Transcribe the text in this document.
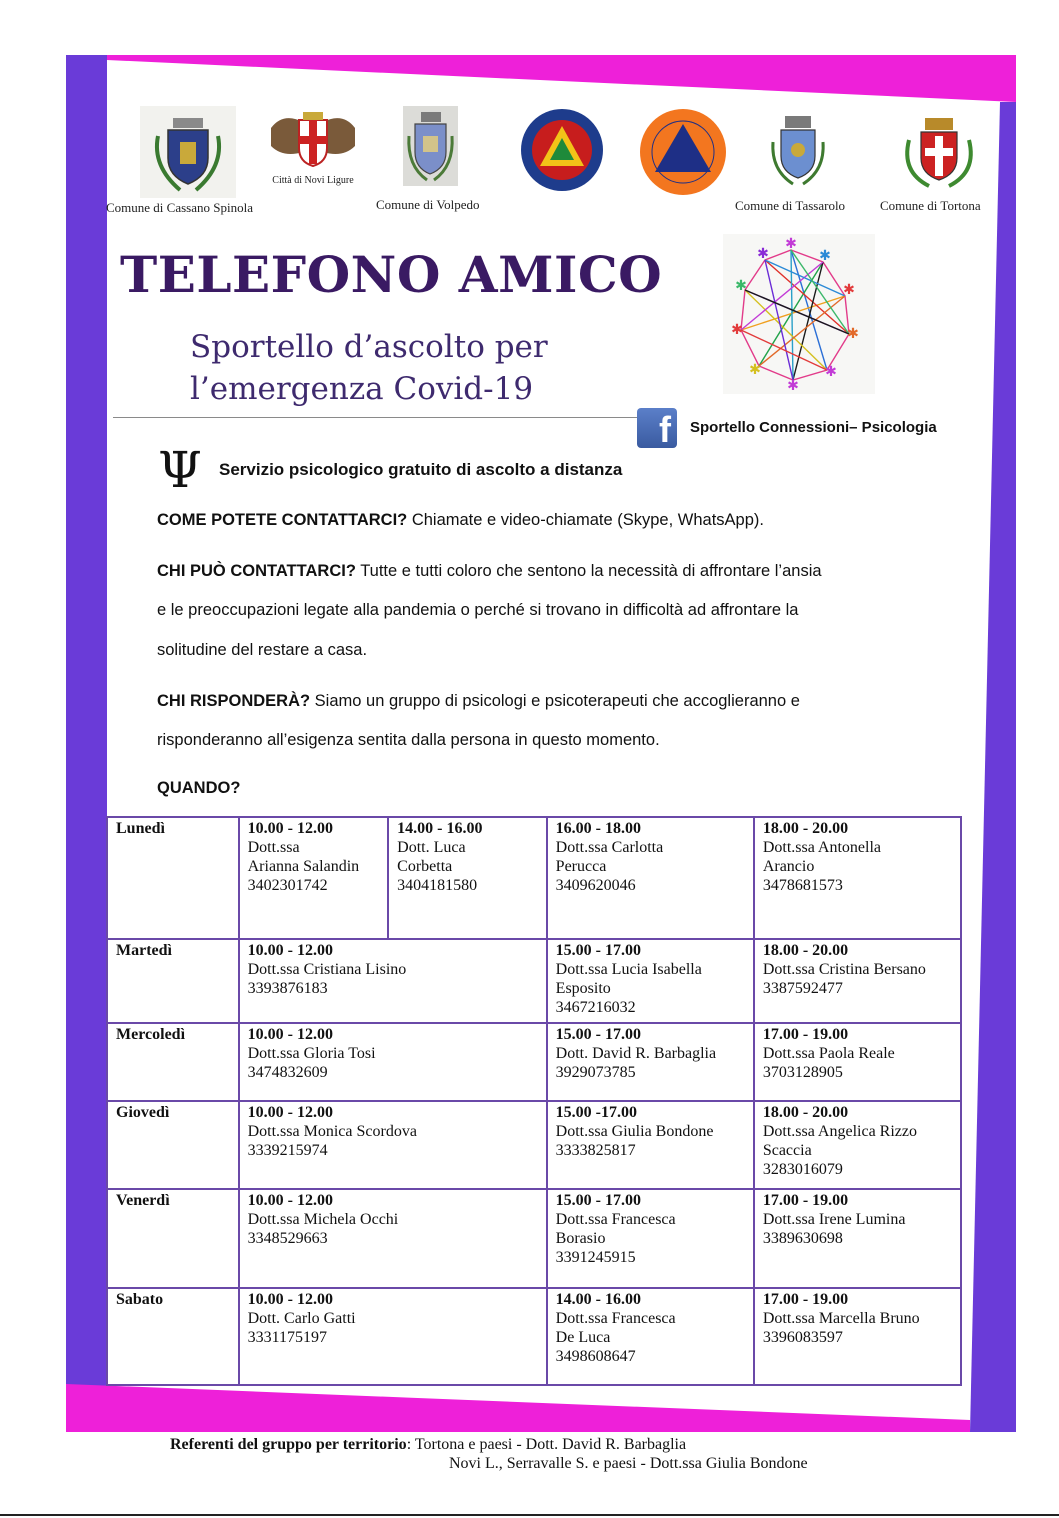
Città di Novi Ligure
Comune di Cassano Spinola	Comune di Volpedo	Comune di Tassarolo	Comune di Tortona
TELEFONO AMICO
Sportello d’ascolto per
l’emergenza Covid-19
✱
✱
✱
✱
✱
✱
✱
✱
✱
✱
f	Sportello Connessioni– Psicologia
Ψ Servizio psicologico gratuito di ascolto a distanza
COME POTETE CONTATTARCI? Chiamate e video-chiamate (Skype, WhatsApp).
CHI PUÒ CONTATTARCI? Tutte e tutti coloro che sentono la necessità di affrontare l’ansia
e le preoccupazioni legate alla pandemia o perché si trovano in difficoltà ad affrontare la
solitudine del restare a casa.
CHI RISPONDERÀ? Siamo un gruppo di psicologi e psicoterapeuti che accoglieranno e
risponderanno all’esigenza sentita dalla persona in questo momento.
QUANDO?
Lunedì	10.00 - 12.00
Dott.ssa
Arianna Salandin
3402301742	14.00 - 16.00
Dott. Luca
Corbetta
3404181580	16.00 - 18.00
Dott.ssa Carlotta
Perucca
3409620046	18.00 - 20.00
Dott.ssa Antonella
Arancio
3478681573

Martedì	10.00 - 12.00
Dott.ssa Cristiana Lisino
3393876183		15.00 - 17.00
Dott.ssa Lucia Isabella
Esposito
3467216032	18.00 - 20.00
Dott.ssa Cristina Bersano
3387592477

Mercoledì	10.00 - 12.00
Dott.ssa Gloria Tosi
3474832609		15.00 - 17.00
Dott. David R. Barbaglia
3929073785	17.00 - 19.00
Dott.ssa Paola Reale
3703128905

Giovedì	10.00 - 12.00
Dott.ssa Monica Scordova
3339215974		15.00 -17.00
Dott.ssa Giulia Bondone
3333825817	18.00 - 20.00
Dott.ssa Angelica Rizzo
Scaccia
3283016079

Venerdì	10.00 - 12.00
Dott.ssa Michela Occhi
3348529663		15.00 - 17.00
Dott.ssa Francesca
Borasio
3391245915	17.00 - 19.00
Dott.ssa Irene Lumina
3389630698

Sabato	10.00 - 12.00
Dott. Carlo Gatti
3331175197		14.00 - 16.00
Dott.ssa Francesca
De Luca
3498608647	17.00 - 19.00
Dott.ssa Marcella Bruno
3396083597
Referenti del gruppo per territorio: Tortona e paesi - Dott. David R. Barbaglia
Novi L., Serravalle S. e paesi - Dott.ssa Giulia Bondone
